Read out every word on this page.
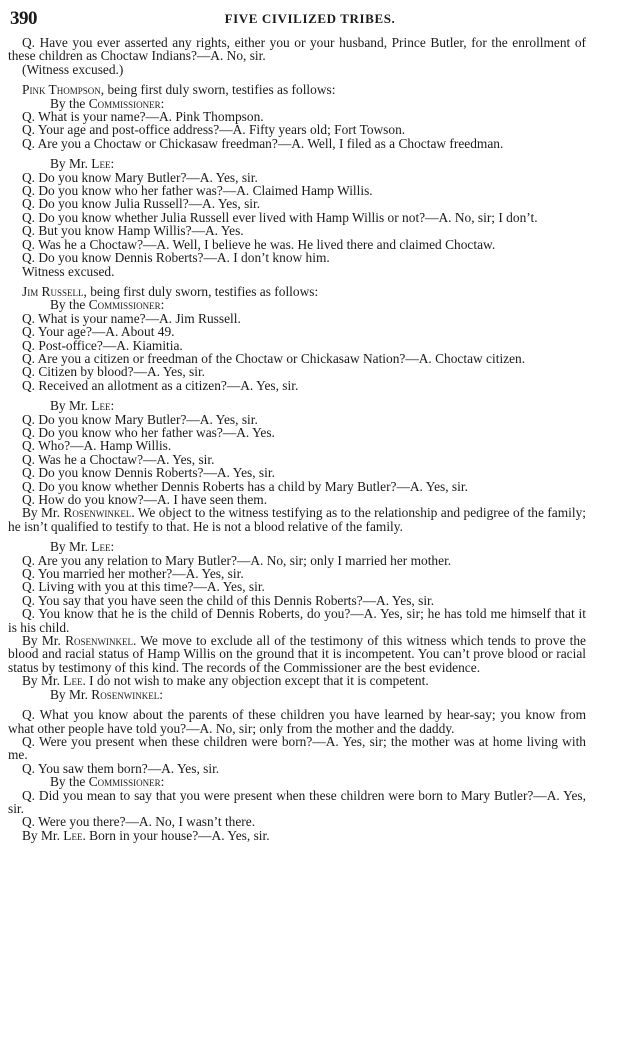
390	FIVE CIVILIZED TRIBES.

Q. Have you ever asserted any rights, either you or your husband, Prince Butler, for the enrollment of these children as Choctaw Indians?—A. No, sir.

(Witness excused.)

Pink Thompson, being first duly sworn, testifies as follows:

By the Commissioner:

Q. What is your name?—A. Pink Thompson.

Q. Your age and post-office address?—A. Fifty years old; Fort Towson.

Q. Are you a Choctaw or Chickasaw freedman?—A. Well, I filed as a Choctaw freedman.

By Mr. Lee:

Q. Do you know Mary Butler?—A. Yes, sir.

Q. Do you know who her father was?—A. Claimed Hamp Willis.

Q. Do you know Julia Russell?—A. Yes, sir.

Q. Do you know whether Julia Russell ever lived with Hamp Willis or not?—A. No, sir; I don’t.

Q. But you know Hamp Willis?—A. Yes.

Q. Was he a Choctaw?—A. Well, I believe he was. He lived there and claimed Choctaw.

Q. Do you know Dennis Roberts?—A. I don’t know him.

Witness excused.

Jim Russell, being first duly sworn, testifies as follows:

By the Commissioner:

Q. What is your name?—A. Jim Russell.

Q. Your age?—A. About 49.

Q. Post-office?—A. Kiamitia.

Q. Are you a citizen or freedman of the Choctaw or Chickasaw Nation?—A. Choctaw citizen.

Q. Citizen by blood?—A. Yes, sir.

Q. Received an allotment as a citizen?—A. Yes, sir.

By Mr. Lee:

Q. Do you know Mary Butler?—A. Yes, sir.

Q. Do you know who her father was?—A. Yes.

Q. Who?—A. Hamp Willis.

Q. Was he a Choctaw?—A. Yes, sir.

Q. Do you know Dennis Roberts?—A. Yes, sir.

Q. Do you know whether Dennis Roberts has a child by Mary Butler?—A. Yes, sir.

Q. How do you know?—A. I have seen them.

By Mr. Rosenwinkel. We object to the witness testifying as to the relationship and pedigree of the family; he isn’t qualified to testify to that. He is not a blood relative of the family.

By Mr. Lee:

Q. Are you any relation to Mary Butler?—A. No, sir; only I married her mother.

Q. You married her mother?—A. Yes, sir.

Q. Living with you at this time?—A. Yes, sir.

Q. You say that you have seen the child of this Dennis Roberts?—A. Yes, sir.

Q. You know that he is the child of Dennis Roberts, do you?—A. Yes, sir; he has told me himself that it is his child.

By Mr. Rosenwinkel. We move to exclude all of the testimony of this witness which tends to prove the blood and racial status of Hamp Willis on the ground that it is incompetent. You can’t prove blood or racial status by testimony of this kind. The records of the Commissioner are the best evidence.

By Mr. Lee. I do not wish to make any objection except that it is competent.

By Mr. Rosenwinkel:

Q. What you know about the parents of these children you have learned by hear-say; you know from what other people have told you?—A. No, sir; only from the mother and the daddy.

Q. Were you present when these children were born?—A. Yes, sir; the mother was at home living with me.

Q. You saw them born?—A. Yes, sir.

By the Commissioner:

Q. Did you mean to say that you were present when these children were born to Mary Butler?—A. Yes, sir.

Q. Were you there?—A. No, I wasn’t there.

By Mr. Lee. Born in your house?—A. Yes, sir.
